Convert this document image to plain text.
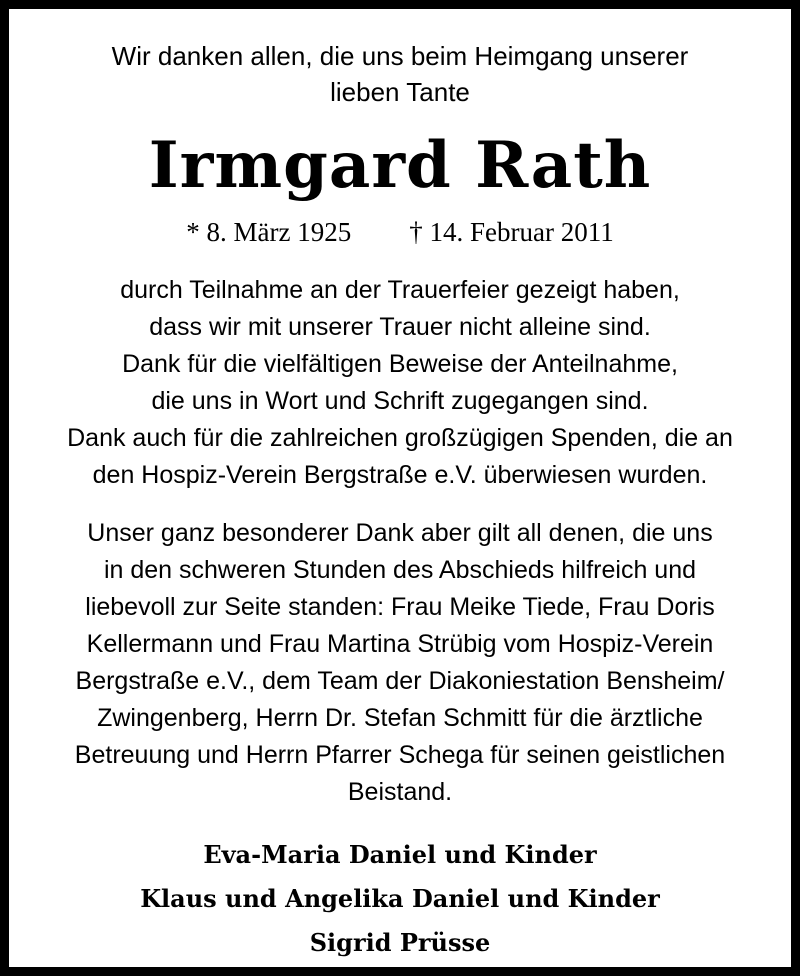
Wir danken allen, die uns beim Heimgang unserer
lieben Tante
Irmgard Rath
* 8. März 1925 † 14. Februar 2011
durch Teilnahme an der Trauerfeier gezeigt haben,
dass wir mit unserer Trauer nicht alleine sind.
Dank für die vielfältigen Beweise der Anteilnahme,
die uns in Wort und Schrift zugegangen sind.
Dank auch für die zahlreichen großzügigen Spenden, die an
den Hospiz-Verein Bergstraße e.V. überwiesen wurden.
Unser ganz besonderer Dank aber gilt all denen, die uns
in den schweren Stunden des Abschieds hilfreich und
liebevoll zur Seite standen: Frau Meike Tiede, Frau Doris
Kellermann und Frau Martina Strübig vom Hospiz-Verein
Bergstraße e.V., dem Team der Diakoniestation Bensheim/
Zwingenberg, Herrn Dr. Stefan Schmitt für die ärztliche
Betreuung und Herrn Pfarrer Schega für seinen geistlichen
Beistand.
Eva-Maria Daniel und Kinder
Klaus und Angelika Daniel und Kinder
Sigrid Prüsse
